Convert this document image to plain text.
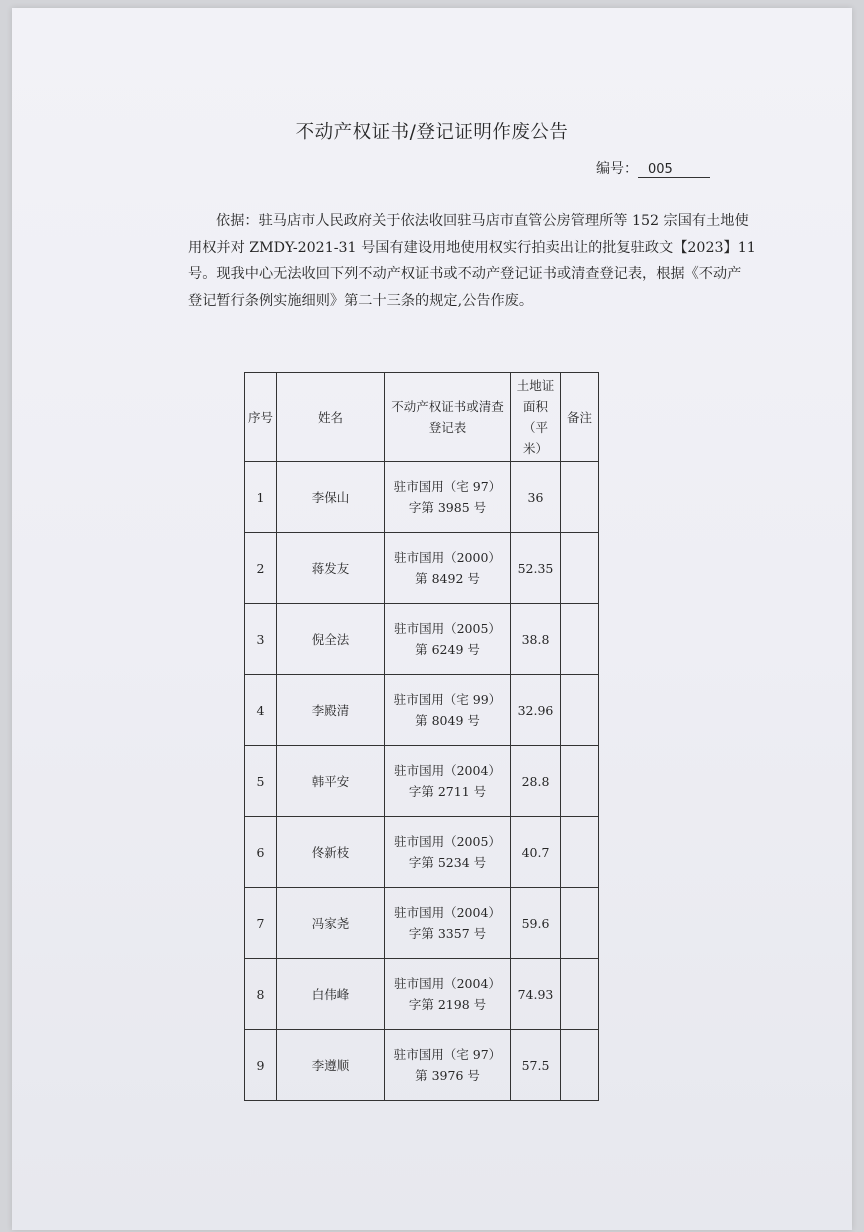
不动产权证书/登记证明作废公告
编号： 005
依据：驻马店市人民政府关于依法收回驻马店市直管公房管理所等 152 宗国有土地使
用权并对 ZMDY-2021-31 号国有建设用地使用权实行拍卖出让的批复驻政文【2023】11
号。现我中心无法收回下列不动产权证书或不动产登记证书或清查登记表，根据《不动产
登记暂行条例实施细则》第二十三条的规定,公告作废。
序号	姓名	不动产权证书或清查登记表	土地证面积（平米）	备注
1	李保山	驻市国用（宅 97）字第 3985 号	36	
2	蒋发友	驻市国用（2000）第 8492 号	52.35	
3	倪全法	驻市国用（2005）第 6249 号	38.8	
4	李殿清	驻市国用（宅 99）第 8049 号	32.96	
5	韩平安	驻市国用（2004）字第 2711 号	28.8	
6	佟新枝	驻市国用（2005）字第 5234 号	40.7	
7	冯家尧	驻市国用（2004）字第 3357 号	59.6	
8	白伟峰	驻市国用（2004）字第 2198 号	74.93	
9	李遵顺	驻市国用（宅 97）第 3976 号	57.5	
